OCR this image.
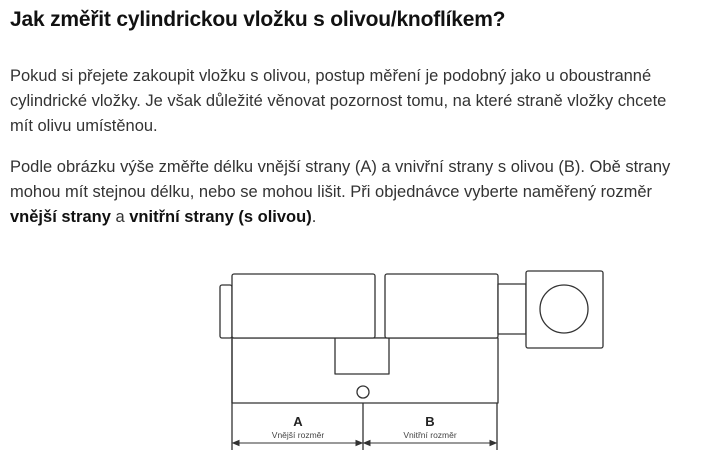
Jak změřit cylindrickou vložku s olivou/knoflíkem?

Pokud si přejete zakoupit vložku s olivou, postup měření je podobný jako u oboustranné
cylindrické vložky. Je však důležité věnovat pozornost tomu, na které straně vložky chcete
mít olivu umístěnou.

Podle obrázku výše změřte délku vnější strany (A) a vnivřní strany s olivou (B). Obě strany
mohou mít stejnou délku, nebo se mohou lišit. Při objednávce vyberte naměřený rozměr
vnější strany a vnitřní strany (s olivou).

A
Vnější rozměr
B
Vnitřní rozměr
